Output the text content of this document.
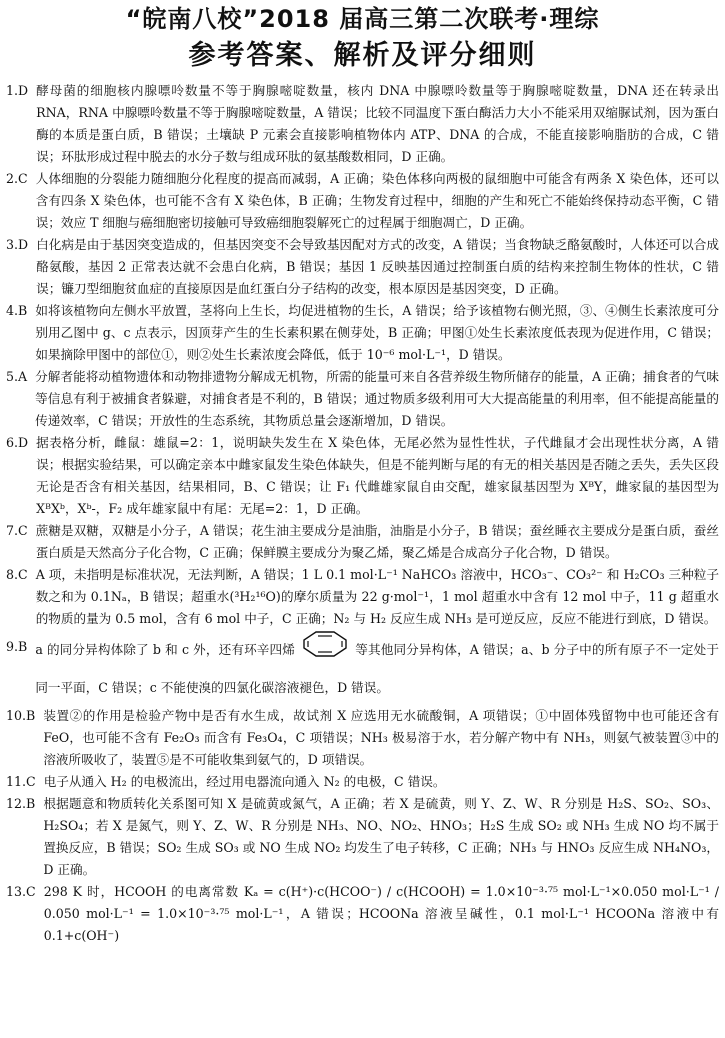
“皖南八校”2018 届高三第二次联考·理综
参考答案、解析及评分细则
1.D 酵母菌的细胞核内腺嘌呤数量不等于胸腺嘧啶数量，核内 DNA 中腺嘌呤数量等于胸腺嘧啶数量，DNA 还在转录出 RNA，RNA 中腺嘌呤数量不等于胸腺嘧啶数量，A 错误；比较不同温度下蛋白酶活力大小不能采用双缩脲试剂，因为蛋白酶的本质是蛋白质，B 错误；土壤缺 P 元素会直接影响植物体内 ATP、DNA 的合成，不能直接影响脂肪的合成，C 错误；环肽形成过程中脱去的水分子数与组成环肽的氨基酸数相同，D 正确。
2.C 人体细胞的分裂能力随细胞分化程度的提高而减弱，A 正确；染色体移向两极的鼠细胞中可能含有两条 X 染色体，还可以含有四条 X 染色体，也可能不含有 X 染色体，B 正确；生物发育过程中，细胞的产生和死亡不能始终保持动态平衡，C 错误；效应 T 细胞与癌细胞密切接触可导致癌细胞裂解死亡的过程属于细胞凋亡，D 正确。
3.D 白化病是由于基因突变造成的，但基因突变不会导致基因配对方式的改变，A 错误；当食物缺乏酪氨酸时，人体还可以合成酪氨酸，基因 2 正常表达就不会患白化病，B 错误；基因 1 反映基因通过控制蛋白质的结构来控制生物体的性状，C 错误；镰刀型细胞贫血症的直接原因是血红蛋白分子结构的改变，根本原因是基因突变，D 正确。
4.B 如将该植物向左侧水平放置，茎将向上生长，均促进植物的生长，A 错误；给予该植物右侧光照，③、④侧生长素浓度可分别用乙图中 g、c 点表示，因顶芽产生的生长素积累在侧芽处，B 正确；甲图①处生长素浓度低表现为促进作用，C 错误；如果摘除甲图中的部位①，则②处生长素浓度会降低，低于 10⁻⁶ mol·L⁻¹，D 错误。
5.A 分解者能将动植物遗体和动物排遗物分解成无机物，所需的能量可来自各营养级生物所储存的能量，A 正确；捕食者的气味等信息有利于被捕食者躲避，对捕食者是不利的，B 错误；通过物质多级利用可大大提高能量的利用率，但不能提高能量的传递效率，C 错误；开放性的生态系统，其物质总量会逐渐增加，D 错误。
6.D 据表格分析，雌鼠：雄鼠=2：1，说明缺失发生在 X 染色体，无尾必然为显性性状，子代雌鼠才会出现性状分离，A 错误；根据实验结果，可以确定亲本中雌家鼠发生染色体缺失，但是不能判断与尾的有无的相关基因是否随之丢失，丢失区段无论是否含有相关基因，结果相同，B、C 错误；让 F₁ 代雌雄家鼠自由交配，雄家鼠基因型为 XᴮY，雌家鼠的基因型为 XᴮXᵇ，Xᵇ-，F₂ 成年雄家鼠中有尾：无尾=2：1，D 正确。
7.C 蔗糖是双糖，双糖是小分子，A 错误；花生油主要成分是油脂，油脂是小分子，B 错误；蚕丝睡衣主要成分是蛋白质，蚕丝蛋白质是天然高分子化合物，C 正确；保鲜膜主要成分为聚乙烯，聚乙烯是合成高分子化合物，D 错误。
8.C A 项，未指明是标准状况，无法判断，A 错误；1 L 0.1 mol·L⁻¹ NaHCO₃ 溶液中，HCO₃⁻、CO₃²⁻ 和 H₂CO₃ 三种粒子数之和为 0.1Nₐ，B 错误；超重水(³H₂¹⁶O)的摩尔质量为 22 g·mol⁻¹，1 mol 超重水中含有 12 mol 中子，11 g 超重水的物质的量为 0.5 mol，含有 6 mol 中子，C 正确；N₂ 与 H₂ 反应生成 NH₃ 是可逆反应，反应不能进行到底，D 错误。
9.B a 的同分异构体除了 b 和 c 外，还有环辛四烯	等其他同分异构体，A 错误；a、b 分子中的所有原子不一定处于同一平面，C 错误；c 不能使溴的四氯化碳溶液褪色，D 错误。
10.B 装置②的作用是检验产物中是否有水生成，故试剂 X 应选用无水硫酸铜，A 项错误；①中固体残留物中也可能还含有 FeO，也可能不含有 Fe₂O₃ 而含有 Fe₃O₄，C 项错误；NH₃ 极易溶于水，若分解产物中有 NH₃，则氨气被装置③中的溶液所吸收了，装置⑤是不可能收集到氨气的，D 项错误。
11.C 电子从通入 H₂ 的电极流出，经过用电器流向通入 N₂ 的电极，C 错误。
12.B 根据题意和物质转化关系图可知 X 是硫黄或氮气，A 正确；若 X 是硫黄，则 Y、Z、W、R 分别是 H₂S、SO₂、SO₃、H₂SO₄；若 X 是氮气，则 Y、Z、W、R 分别是 NH₃、NO、NO₂、HNO₃；H₂S 生成 SO₂ 或 NH₃ 生成 NO 均不属于置换反应，B 错误；SO₂ 生成 SO₃ 或 NO 生成 NO₂ 均发生了电子转移，C 正确；NH₃ 与 HNO₃ 反应生成 NH₄NO₃，D 正确。
13.C 298 K 时，HCOOH 的电离常数 Kₐ = c(H⁺)·c(HCOO⁻) / c(HCOOH) = 1.0×10⁻³·⁷⁵ mol·L⁻¹×0.050 mol·L⁻¹ / 0.050 mol·L⁻¹ = 1.0×10⁻³·⁷⁵ mol·L⁻¹，A 错误；HCOONa 溶液呈碱性，0.1 mol·L⁻¹ HCOONa 溶液中有 0.1+c(OH⁻)
